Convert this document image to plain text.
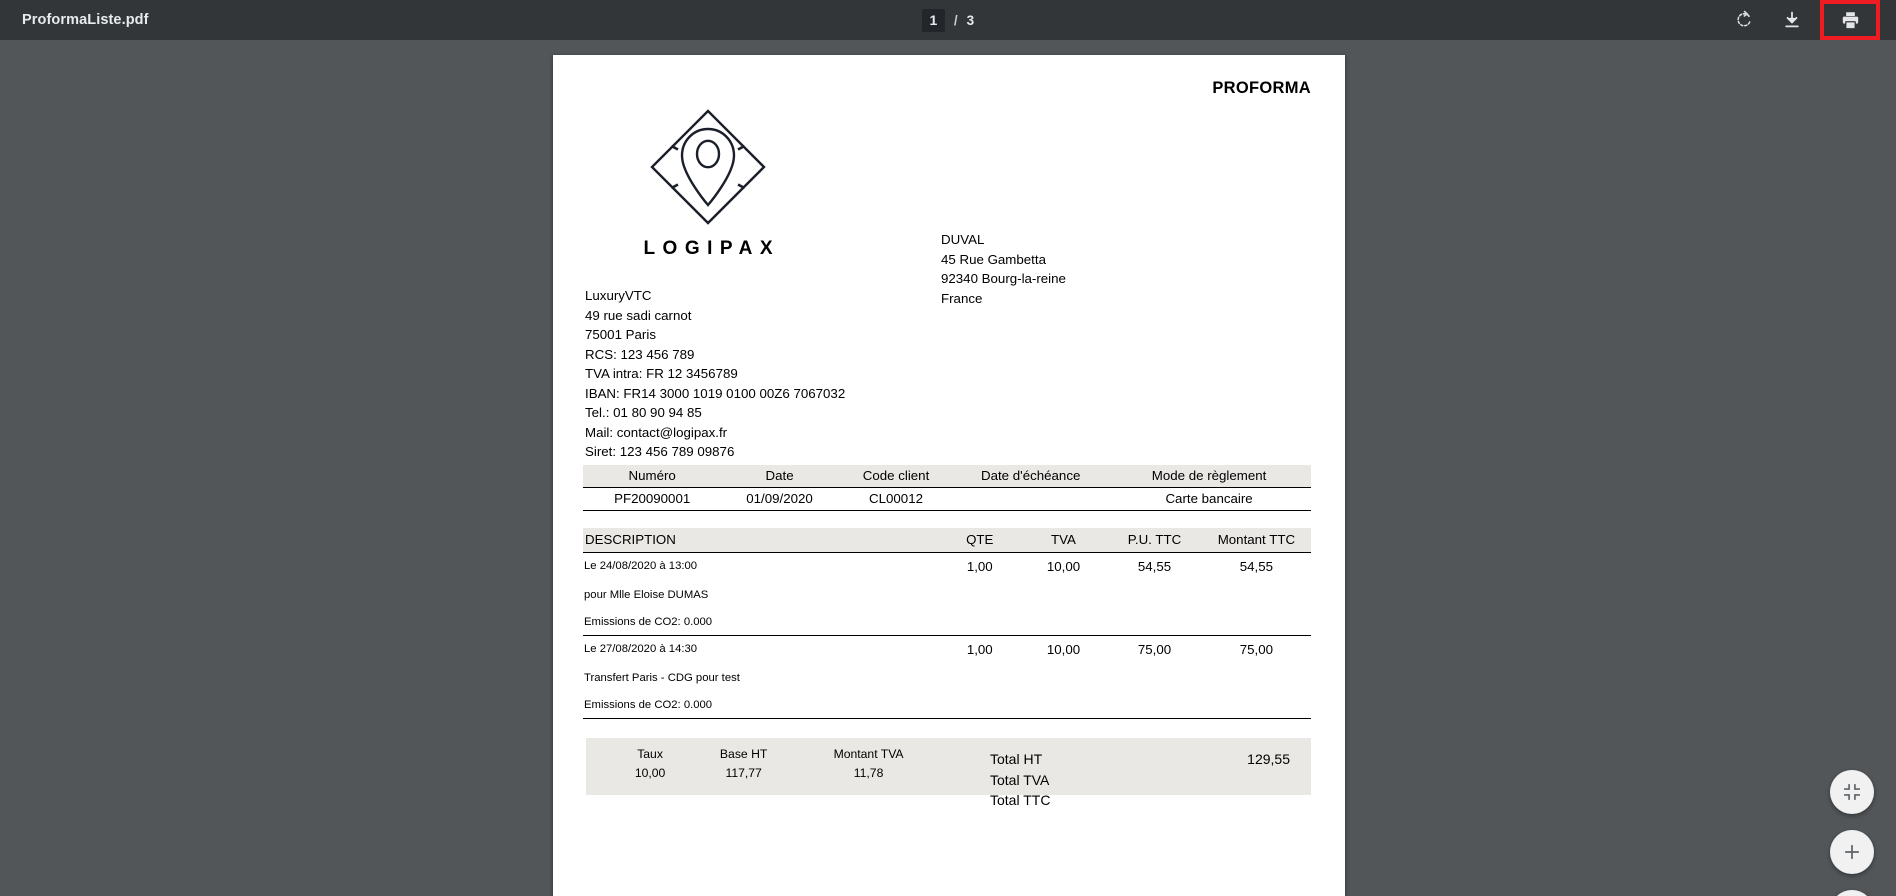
ProformaListe.pdf	1	/ 3
PROFORMA
LOGIPAX
LuxuryVTC
49 rue sadi carnot
75001 Paris
RCS: 123 456 789
TVA intra: FR 12 3456789
IBAN: FR14 3000 1019 0100 00Z6 7067032
Tel.: 01 80 90 94 85
Mail: contact@logipax.fr
Siret: 123 456 789 09876
DUVAL
45 Rue Gambetta
92340 Bourg-la-reine
France
Numéro	Date	Code client	Date d'échéance	Mode de règlement
PF20090001	01/09/2020	CL00012		Carte bancaire
DESCRIPTION	QTE	TVA	P.U. TTC	Montant TTC
Le 24/08/2020 à 13:00	1,00	10,00	54,55	54,55
pour Mlle Eloise DUMAS				
Emissions de CO2: 0.000				
Le 27/08/2020 à 14:30	1,00	10,00	75,00	75,00
Transfert Paris - CDG pour test				
Emissions de CO2: 0.000				
Taux	Base HT	Montant TVA
10,00	117,77	11,78
Total HT	129,55
Total TVA
Total TTC
